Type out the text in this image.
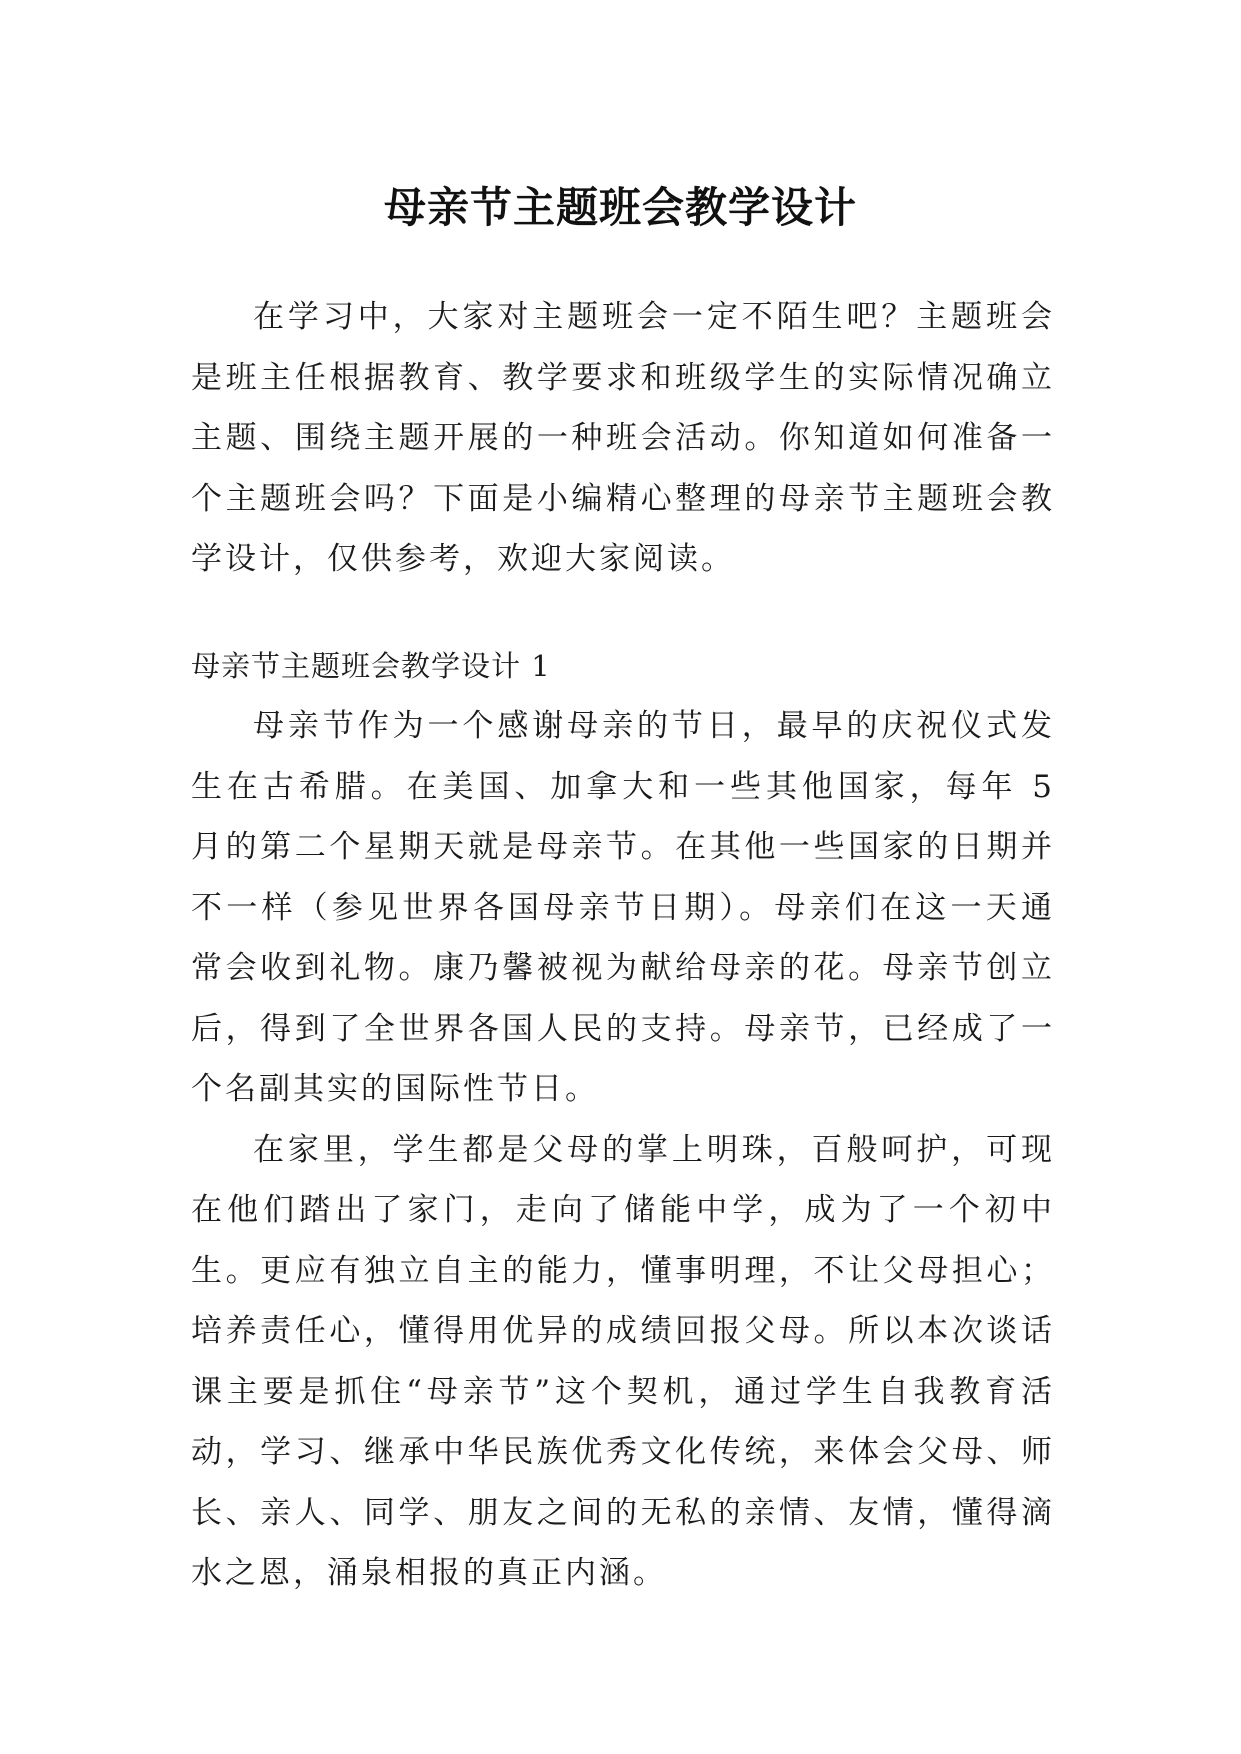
母亲节主题班会教学设计

在学习中，大家对主题班会一定不陌生吧？主题班会是班主任根据教育、教学要求和班级学生的实际情况确立主题、围绕主题开展的一种班会活动。你知道如何准备一个主题班会吗？下面是小编精心整理的母亲节主题班会教学设计，仅供参考，欢迎大家阅读。

母亲节主题班会教学设计 1

母亲节作为一个感谢母亲的节日，最早的庆祝仪式发生在古希腊。在美国、加拿大和一些其他国家，每年 5 月的第二个星期天就是母亲节。在其他一些国家的日期并不一样（参见世界各国母亲节日期）。母亲们在这一天通常会收到礼物。康乃馨被视为献给母亲的花。母亲节创立后，得到了全世界各国人民的支持。母亲节，已经成了一个名副其实的国际性节日。

在家里，学生都是父母的掌上明珠，百般呵护，可现在他们踏出了家门，走向了储能中学，成为了一个初中生。更应有独立自主的能力，懂事明理，不让父母担心；培养责任心，懂得用优异的成绩回报父母。所以本次谈话课主要是抓住“母亲节”这个契机，通过学生自我教育活动，学习、继承中华民族优秀文化传统，来体会父母、师长、亲人、同学、朋友之间的无私的亲情、友情，懂得滴水之恩，涌泉相报的真正内涵。
